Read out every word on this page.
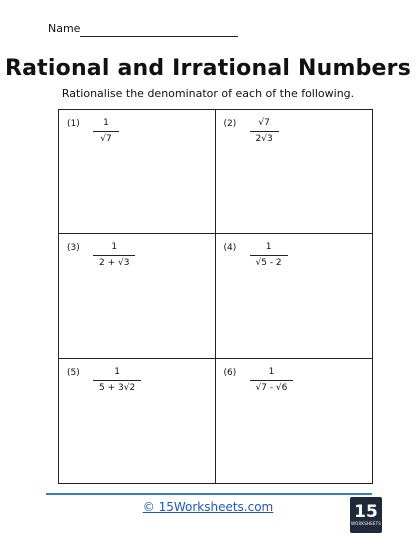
Name
Rational and Irrational Numbers
Rationalise the denominator of each of the following.
(1)	1
√7
(2)	√7
2√3
(3)	1
2 + √3
(4)	1
√5 - 2
(5)	1
5 + 3√2
(6)	1
√7 - √6
© 15Worksheets.com	15
WORKSHEETS
